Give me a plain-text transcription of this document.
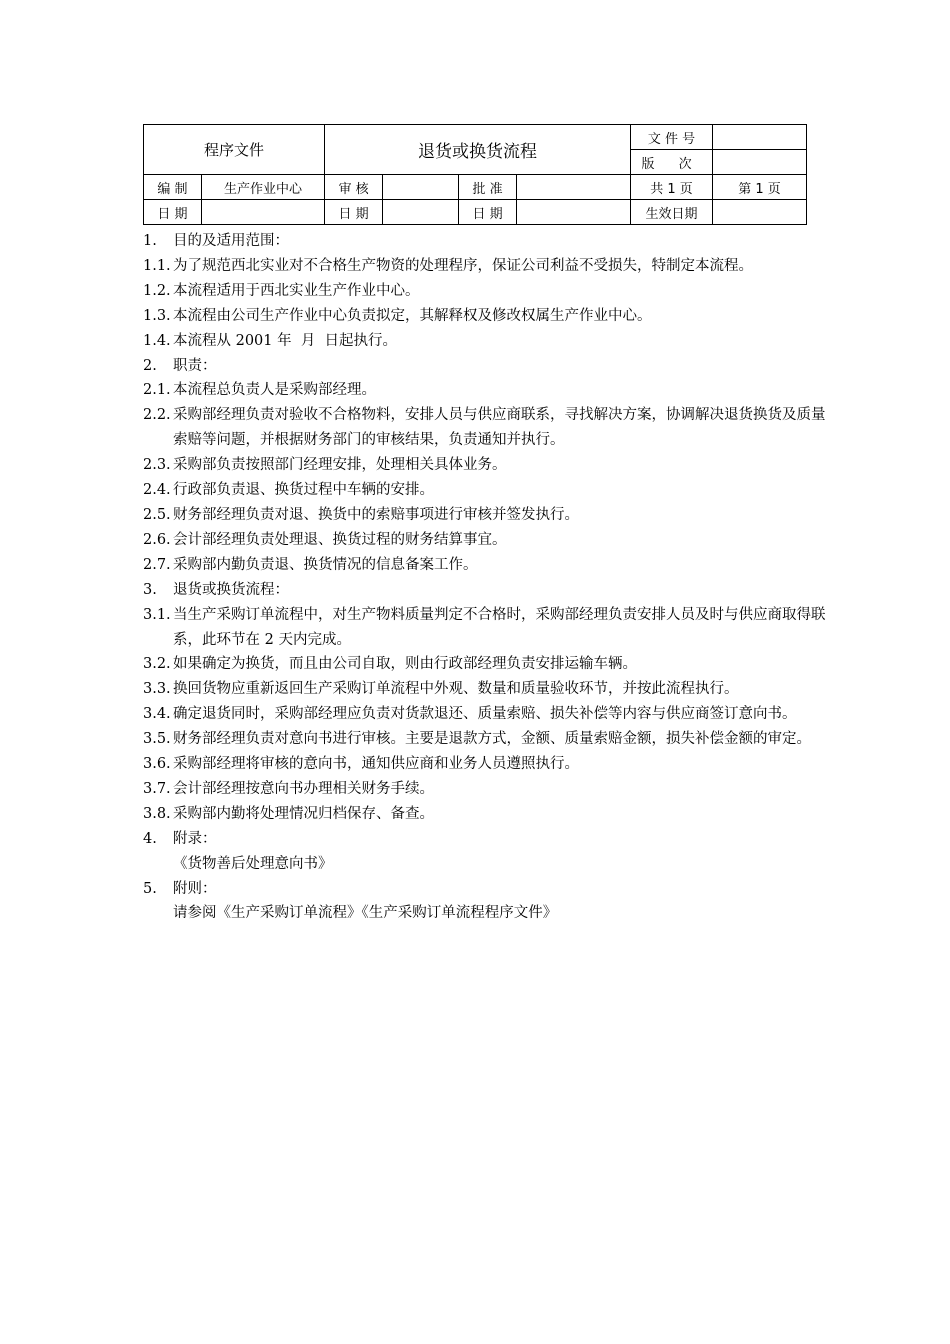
程序文件		退货或换货流程				文 件 号	
						版 次	
编 制	生产作业中心	审 核		批 准		共 1 页	第 1 页
日 期		日 期		日 期		生效日期	
1.	目的及适用范围：
1.1. 为了规范西北实业对不合格生产物资的处理程序，保证公司利益不受损失，特制定本流程。
1.2. 本流程适用于西北实业生产作业中心。
1.3. 本流程由公司生产作业中心负责拟定，其解释权及修改权属生产作业中心。
1.4. 本流程从 2001 年  月  日起执行。
2.	职责：
2.1. 本流程总负责人是采购部经理。
2.2. 采购部经理负责对验收不合格物料，安排人员与供应商联系，寻找解决方案，协调解决退货换货及质量索赔等问题，并根据财务部门的审核结果，负责通知并执行。
2.3. 采购部负责按照部门经理安排，处理相关具体业务。
2.4. 行政部负责退、换货过程中车辆的安排。
2.5. 财务部经理负责对退、换货中的索赔事项进行审核并签发执行。
2.6. 会计部经理负责处理退、换货过程的财务结算事宜。
2.7. 采购部内勤负责退、换货情况的信息备案工作。
3.	退货或换货流程：
3.1. 当生产采购订单流程中，对生产物料质量判定不合格时，采购部经理负责安排人员及时与供应商取得联系，此环节在 2 天内完成。
3.2. 如果确定为换货，而且由公司自取，则由行政部经理负责安排运输车辆。
3.3. 换回货物应重新返回生产采购订单流程中外观、数量和质量验收环节，并按此流程执行。
3.4. 确定退货同时，采购部经理应负责对货款退还、质量索赔、损失补偿等内容与供应商签订意向书。
3.5. 财务部经理负责对意向书进行审核。主要是退款方式，金额、质量索赔金额，损失补偿金额的审定。
3.6. 采购部经理将审核的意向书，通知供应商和业务人员遵照执行。
3.7. 会计部经理按意向书办理相关财务手续。
3.8. 采购部内勤将处理情况归档保存、备查。
4.	附录：
《货物善后处理意向书》
5.	附则：
请参阅《生产采购订单流程》《生产采购订单流程程序文件》
